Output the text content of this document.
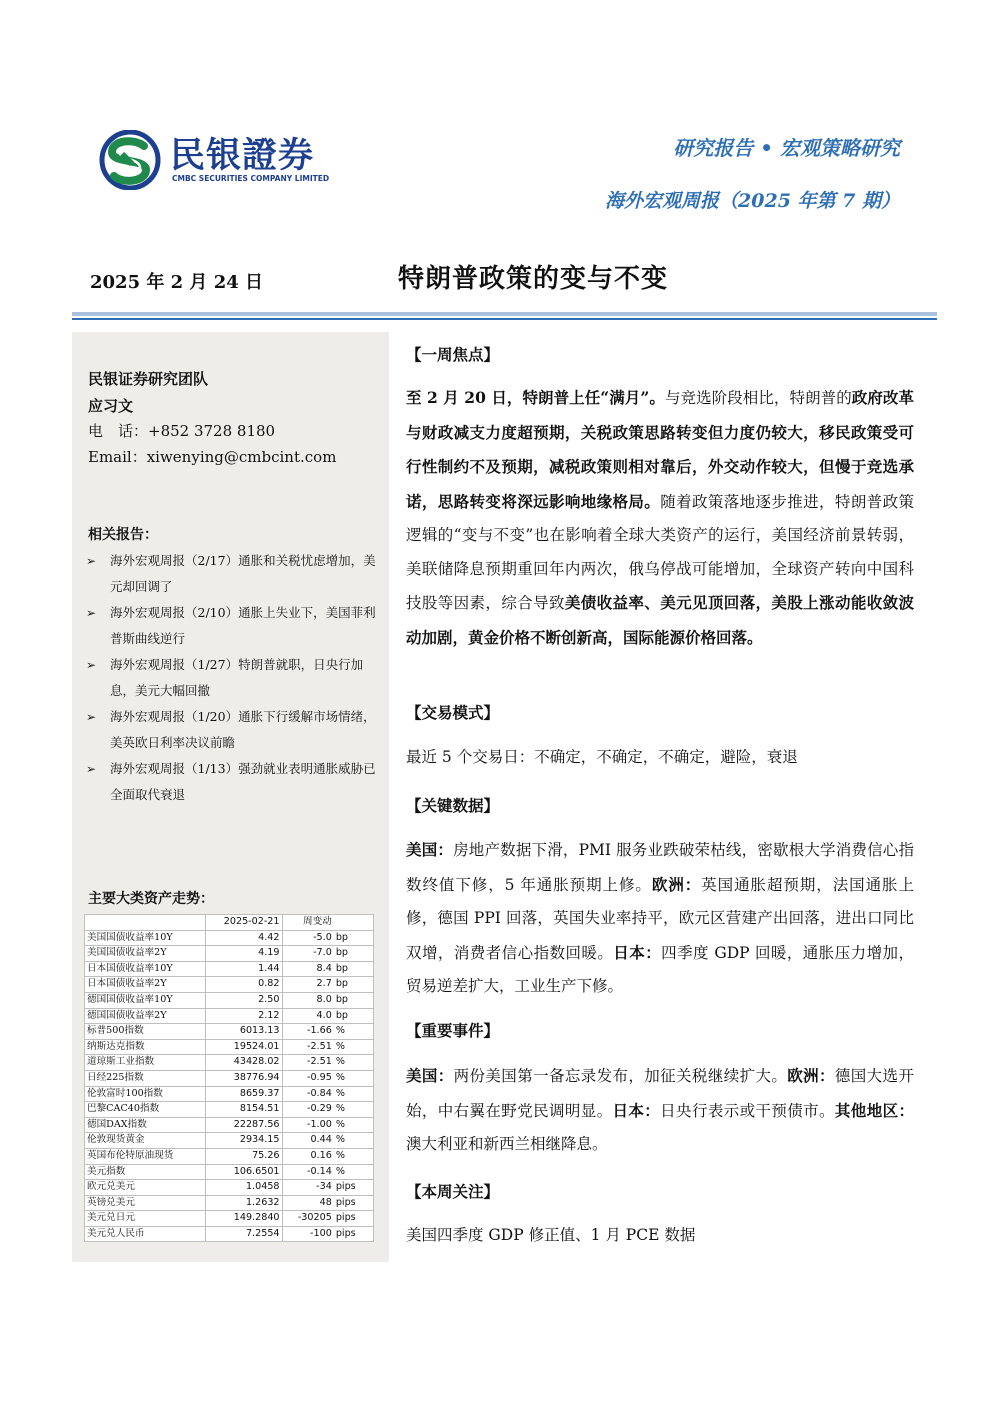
民银證券
CMBC SECURITIES COMPANY LIMITED
研究报告 • 宏观策略研究
海外宏观周报（2025 年第 7 期）
2025 年 2 月 24 日	特朗普政策的变与不变
民银证券研究团队
应习文
电　话：+852 3728 8180
Email：xiwenying@cmbcint.com
相关报告：
➢ 海外宏观周报（2/17）通胀和关税忧虑增加，美元却回调了
➢ 海外宏观周报（2/10）通胀上失业下，美国菲利普斯曲线逆行
➢ 海外宏观周报（1/27）特朗普就职，日央行加息，美元大幅回撤
➢ 海外宏观周报（1/20）通胀下行缓解市场情绪，美英欧日利率决议前瞻
➢ 海外宏观周报（1/13）强劲就业表明通胀威胁已全面取代衰退
主要大类资产走势：
	2025-02-21	周变动	
美国国债收益率10Y	4.42	-5.0	bp
美国国债收益率2Y	4.19	-7.0	bp
日本国债收益率10Y	1.44	8.4	bp
日本国债收益率2Y	0.82	2.7	bp
德国国债收益率10Y	2.50	8.0	bp
德国国债收益率2Y	2.12	4.0	bp
标普500指数	6013.13	-1.66	%
纳斯达克指数	19524.01	-2.51	%
道琼斯工业指数	43428.02	-2.51	%
日经225指数	38776.94	-0.95	%
伦敦富时100指数	8659.37	-0.84	%
巴黎CAC40指数	8154.51	-0.29	%
德国DAX指数	22287.56	-1.00	%
伦敦现货黄金	2934.15	0.44	%
英国布伦特原油现货	75.26	0.16	%
美元指数	106.6501	-0.14	%
欧元兑美元	1.0458	-34	pips
英镑兑美元	1.2632	48	pips
美元兑日元	149.2840	-30205	pips
美元兑人民币	7.2554	-100	pips
【一周焦点】
至 2 月 20 日，特朗普上任“满月”。与竞选阶段相比，特朗普的政府改革与财政减支力度超预期，关税政策思路转变但力度仍较大，移民政策受可行性制约不及预期，减税政策则相对靠后，外交动作较大，但慢于竞选承诺，思路转变将深远影响地缘格局。随着政策落地逐步推进，特朗普政策逻辑的“变与不变”也在影响着全球大类资产的运行，美国经济前景转弱，美联储降息预期重回年内两次，俄乌停战可能增加，全球资产转向中国科技股等因素，综合导致美债收益率、美元见顶回落，美股上涨动能收敛波动加剧，黄金价格不断创新高，国际能源价格回落。
【交易模式】
最近 5 个交易日：不确定，不确定，不确定，避险，衰退
【关键数据】
美国：房地产数据下滑，PMI 服务业跌破荣枯线，密歇根大学消费信心指数终值下修，5 年通胀预期上修。欧洲：英国通胀超预期，法国通胀上修，德国 PPI 回落，英国失业率持平，欧元区营建产出回落，进出口同比双增，消费者信心指数回暖。日本：四季度 GDP 回暖，通胀压力增加，贸易逆差扩大，工业生产下修。
【重要事件】
美国：两份美国第一备忘录发布，加征关税继续扩大。欧洲：德国大选开始，中右翼在野党民调明显。日本：日央行表示或干预债市。其他地区：澳大利亚和新西兰相继降息。
【本周关注】
美国四季度 GDP 修正值、1 月 PCE 数据
